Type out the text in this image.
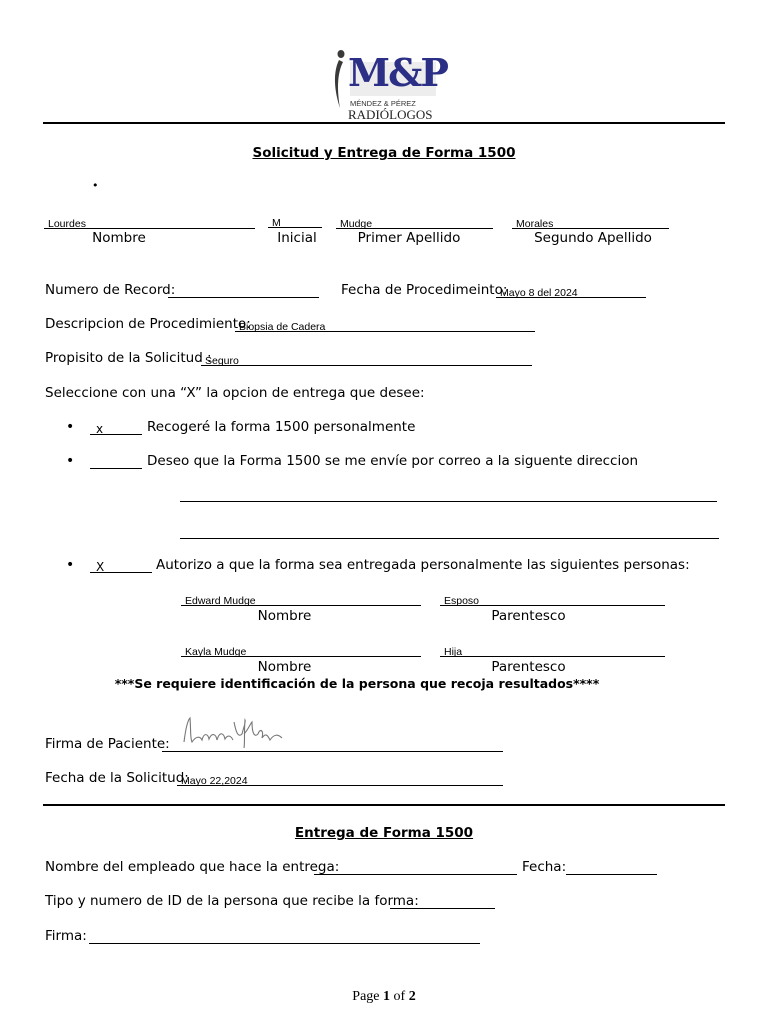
M&P
MÉNDEZ & PÉREZ
RADIÓLOGOS
Solicitud y Entrega de Forma 1500
•
Lourdes	M	Mudge	Morales
Nombre	Inicial	Primer Apellido	Segundo Apellido
Numero de Record:	Fecha de Procedimeinto:
Mayo 8 del 2024
Descripcion de Procedimiento:
Biopsia de Cadera
Propisito de la Solicitud :
Seguro
Seleccione con una “X” la opcion de entrega que desee:
• x	Recogeré la forma 1500 personalmente
•	Deseo que la Forma 1500 se me envíe por correo a la siguente direccion
• X	Autorizo a que la forma sea entregada personalmente las siguientes personas:
Edward Mudge	Esposo
Nombre	Parentesco
Kayla Mudge	Hija
Nombre	Parentesco
***Se requiere identificación de la persona que recoja resultados****
Firma de Paciente:
Fecha de la Solicitud:
Mayo 22,2024
Entrega de Forma 1500
Nombre del empleado que hace la entrega:	Fecha:
Tipo y numero de ID de la persona que recibe la forma:
Firma:
Page 1 of 2
